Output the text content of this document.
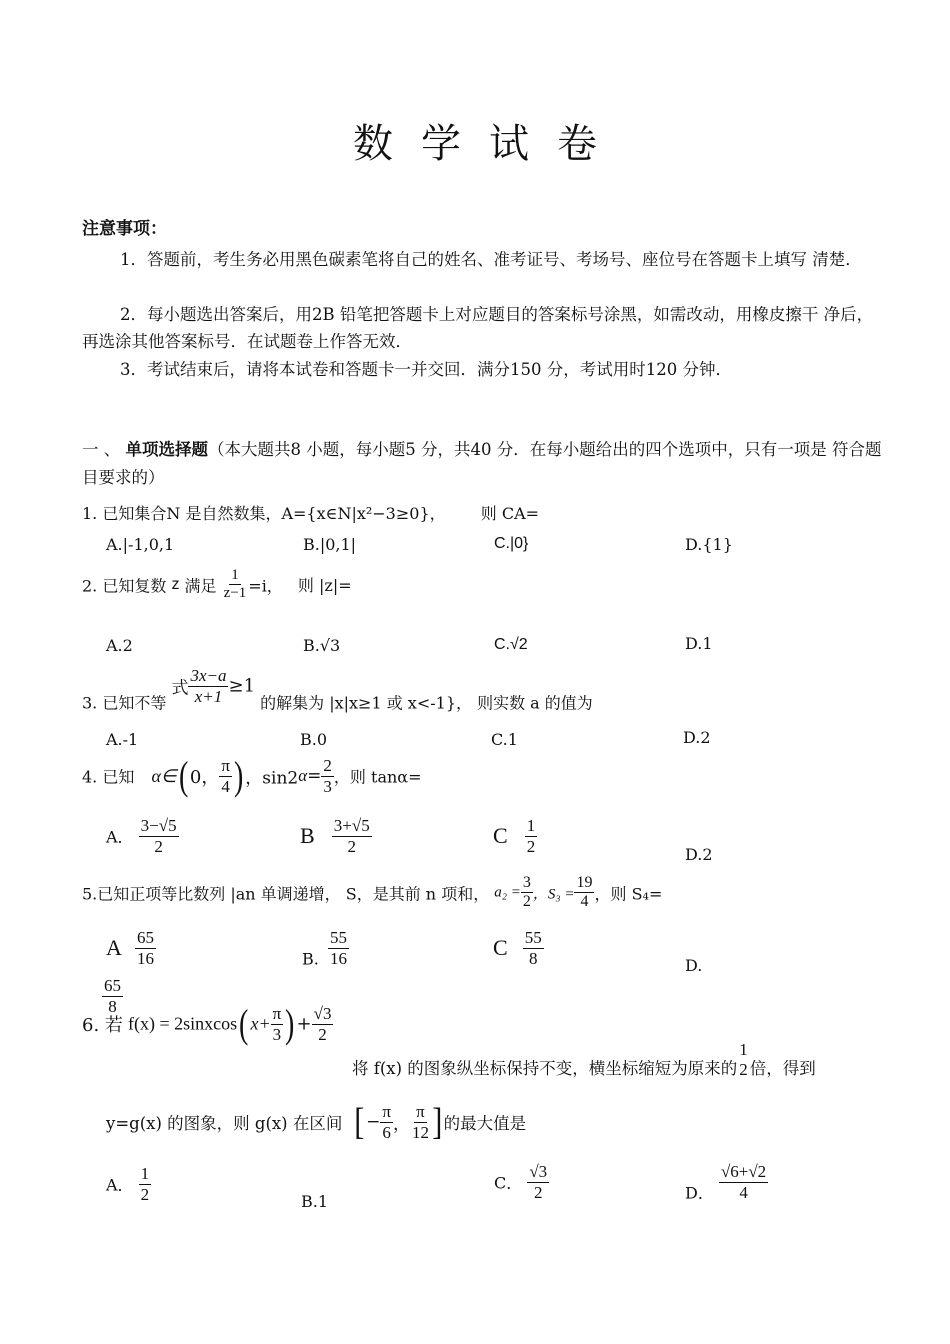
数 学 试 卷
注意事项：
1．答题前，考生务必用黑色碳素笔将自己的姓名、准考证号、考场号、座位号在答题卡上填写 清楚．
2．每小题选出答案后，用2B 铅笔把答题卡上对应题目的答案标号涂黑，如需改动，用橡皮擦干 净后，再选涂其他答案标号．在试题卷上作答无效．
3．考试结束后，请将本试卷和答题卡一并交回．满分150 分，考试用时120 分钟．
一 、 单项选择题（本大题共8 小题，每小题5 分，共40 分．在每小题给出的四个选项中，只有一项是 符合题目要求的）
1. 已知集合N 是自然数集，A={x∈N|x²−3≥0}， 则 CA=
A.|-1,0,1	B.|0,1|	C.|0}	D.{1}
2. 已知复数 z 满足 $\frac{1}{z-1} =i$， 则 |z|=
A.2	B.√3	C.√2	D.1
3. 已知不等 式 $\frac{3x-a}{x+1} \ge 1$ 的解集为 |x|x≥1 或 x<-1}， 则实数 a 的值为
A.-1	B.0	C.1	D.2
4. 已知 α∈( 0， $\frac{\pi}{4}$ ) ，$\sin 2\alpha= \frac{2}{3}$ ，则 tanα=
A． $\frac{3-√5}{2}$	B $\frac{3+√5}{2}$	C $\frac{1}{2}$	D.2
5.已知正项等比数列 |an 单调递增， S，是其前 n 项和， $a_2 = \frac{3}{2}$ ，$S_3 = \frac{19}{4}$ ，则 S₄=
A $\frac{65}{16}$	B. $\frac{55}{16}$	C $\frac{55}{8}$	D.
$\frac{65}{8}$
6. 若 f(x) = 2sinxcos( $x+ \frac{\pi}{3}$ ) + $\frac{√3}{2}$
将 f(x) 的图象纵坐标保持不变，横坐标缩短为原来的
1
2 倍，得到
y=g(x) 的图象，则 g(x) 在区间 [− $\frac{\pi}{6}$ ， $\frac{\pi}{12}$ ]的最大值是
A． $\frac{1}{2}$	B.1
C． $\frac{√3}{2}$	D． $\frac{√6+√2}{4}$
